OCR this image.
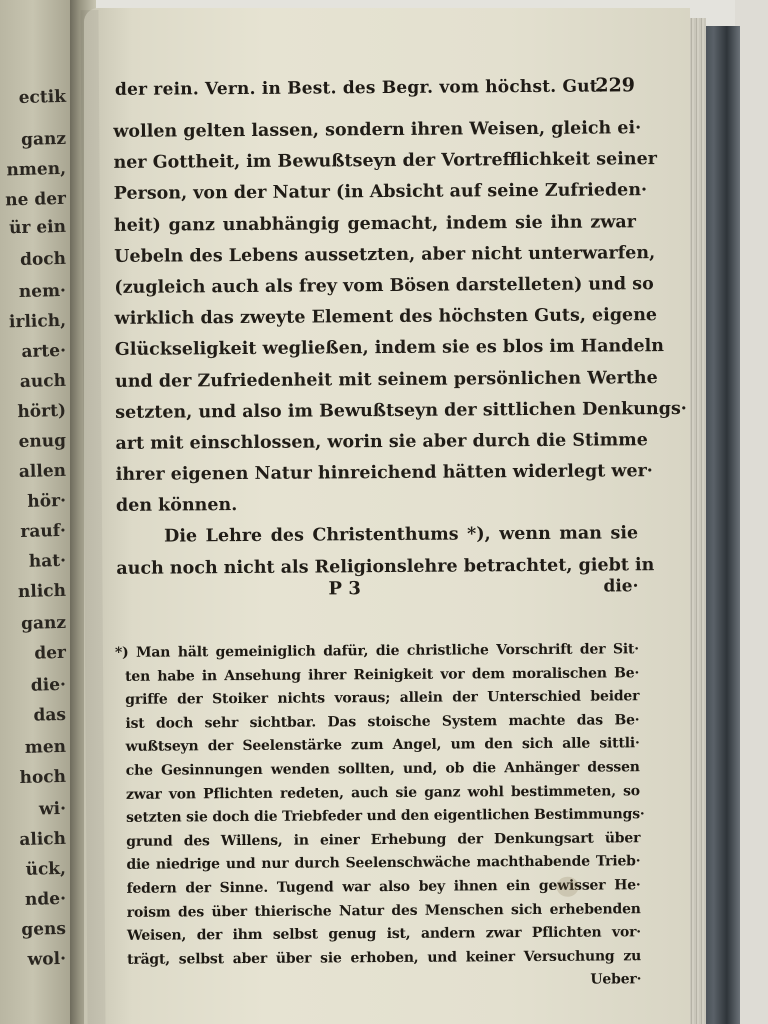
ectik
ganz
nmen,
ne der
ür ein
doch
nem·
irlich,
arte·
auch
hört)
enug
allen
hör·
rauf·
hat·
nlich
ganz
der
die·
das
men
hoch
wi·
alich
ück,
nde·
gens
wol·
der rein. Vern. in Best. des Begr. vom höchst. Gut.
229
wollen gelten lassen, sondern ihren Weisen, gleich ei·
ner Gottheit, im Bewußtseyn der Vortrefflichkeit seiner
Person, von der Natur (in Absicht auf seine Zufrieden·
heit) ganz unabhängig gemacht, indem sie ihn zwar
Uebeln des Lebens aussetzten, aber nicht unterwarfen,
(zugleich auch als frey vom Bösen darstelleten) und so
wirklich das zweyte Element des höchsten Guts, eigene
Glückseligkeit wegließen, indem sie es blos im Handeln
und der Zufriedenheit mit seinem persönlichen Werthe
setzten, und also im Bewußtseyn der sittlichen Denkungs·
art mit einschlossen, worin sie aber durch die Stimme
ihrer eigenen Natur hinreichend hätten widerlegt wer·
den können.
Die Lehre des Christenthums *), wenn man sie
auch noch nicht als Religionslehre betrachtet, giebt in
P 3	die·
*) Man hält gemeiniglich dafür, die christliche Vorschrift der Sit·
ten habe in Ansehung ihrer Reinigkeit vor dem moralischen Be·
griffe der Stoiker nichts voraus; allein der Unterschied beider
ist doch sehr sichtbar. Das stoische System machte das Be·
wußtseyn der Seelenstärke zum Angel, um den sich alle sittli·
che Gesinnungen wenden sollten, und, ob die Anhänger dessen
zwar von Pflichten redeten, auch sie ganz wohl bestimmeten, so
setzten sie doch die Triebfeder und den eigentlichen Bestimmungs·
grund des Willens, in einer Erhebung der Denkungsart über
die niedrige und nur durch Seelenschwäche machthabende Trieb·
federn der Sinne. Tugend war also bey ihnen ein gewisser He·
roism des über thierische Natur des Menschen sich erhebenden
Weisen, der ihm selbst genug ist, andern zwar Pflichten vor·
trägt, selbst aber über sie erhoben, und keiner Versuchung zu
Ueber·
